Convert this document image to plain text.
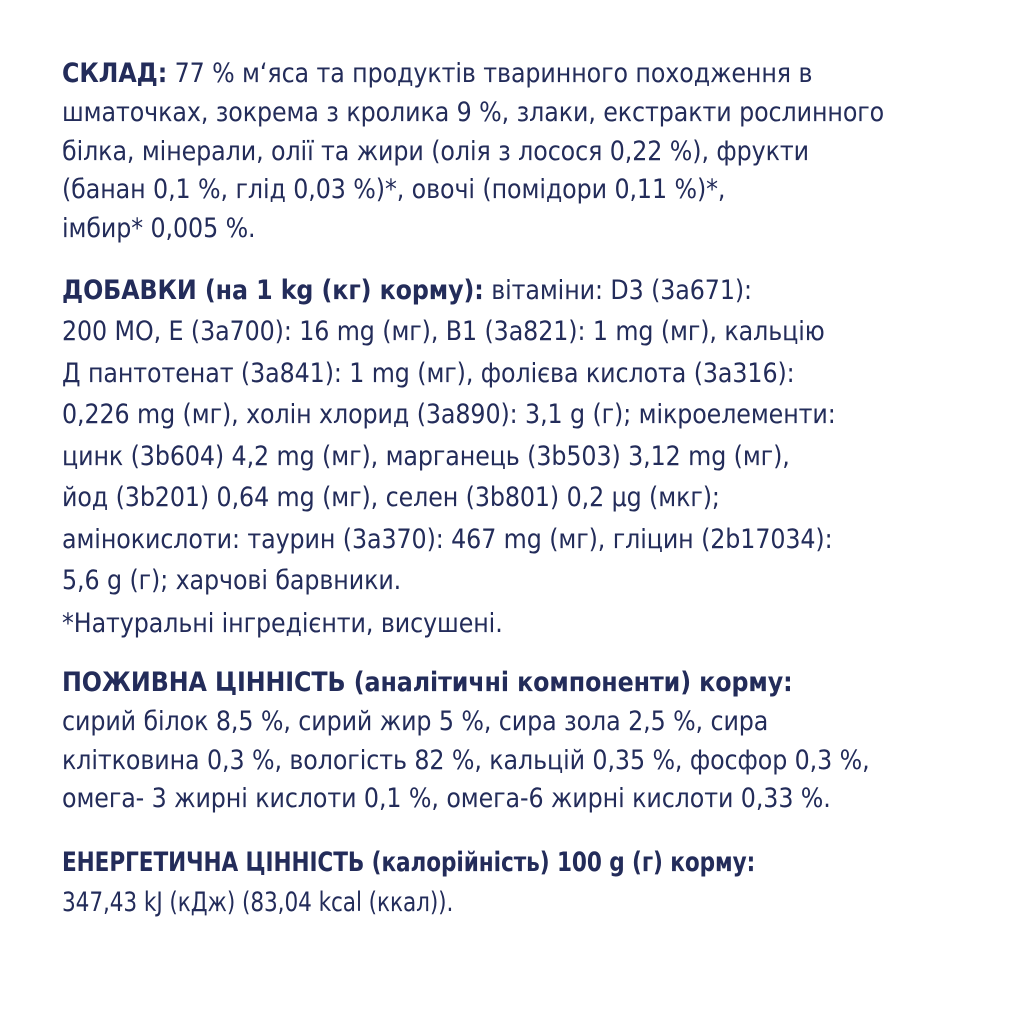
СКЛАД: 77 % м‘яса та продуктів тваринного походження в
шматочках, зокрема з кролика 9 %, злаки, екстракти рослинного
білка, мінерали, олії та жири (олія з лосося 0,22 %), фрукти
(банан 0,1 %, глід 0,03 %)*, овочі (помідори 0,11 %)*,
імбир* 0,005 %.
ДОБАВКИ (на 1 kg (кг) корму): вітаміни: D3 (3a671):
200 МО, E (3a700): 16 mg (мг), B1 (3a821): 1 mg (мг), кальцію
Д пантотенат (3a841): 1 mg (мг), фолієва кислота (3a316):
0,226 mg (мг), холін хлорид (3a890): 3,1 g (г); мікроелементи:
цинк (3b604) 4,2 mg (мг), марганець (3b503) 3,12 mg (мг),
йод (3b201) 0,64 mg (мг), селен (3b801) 0,2 µg (мкг);
амінокислоти: таурин (3a370): 467 mg (мг), гліцин (2b17034):
5,6 g (г); харчові барвники.
*Натуральні інгредієнти, висушені.
ПОЖИВНА ЦІННІСТЬ (аналітичні компоненти) корму:
сирий білок 8,5 %, сирий жир 5 %, сира зола 2,5 %, сира
клітковина 0,3 %, вологість 82 %, кальцій 0,35 %, фосфор 0,3 %,
омега- 3 жирні кислоти 0,1 %, омега-6 жирні кислоти 0,33 %.
ЕНЕРГЕТИЧНА ЦІННІСТЬ (калорійність) 100 g (г) корму:
347,43 kJ (кДж) (83,04 kcal (ккал)).
